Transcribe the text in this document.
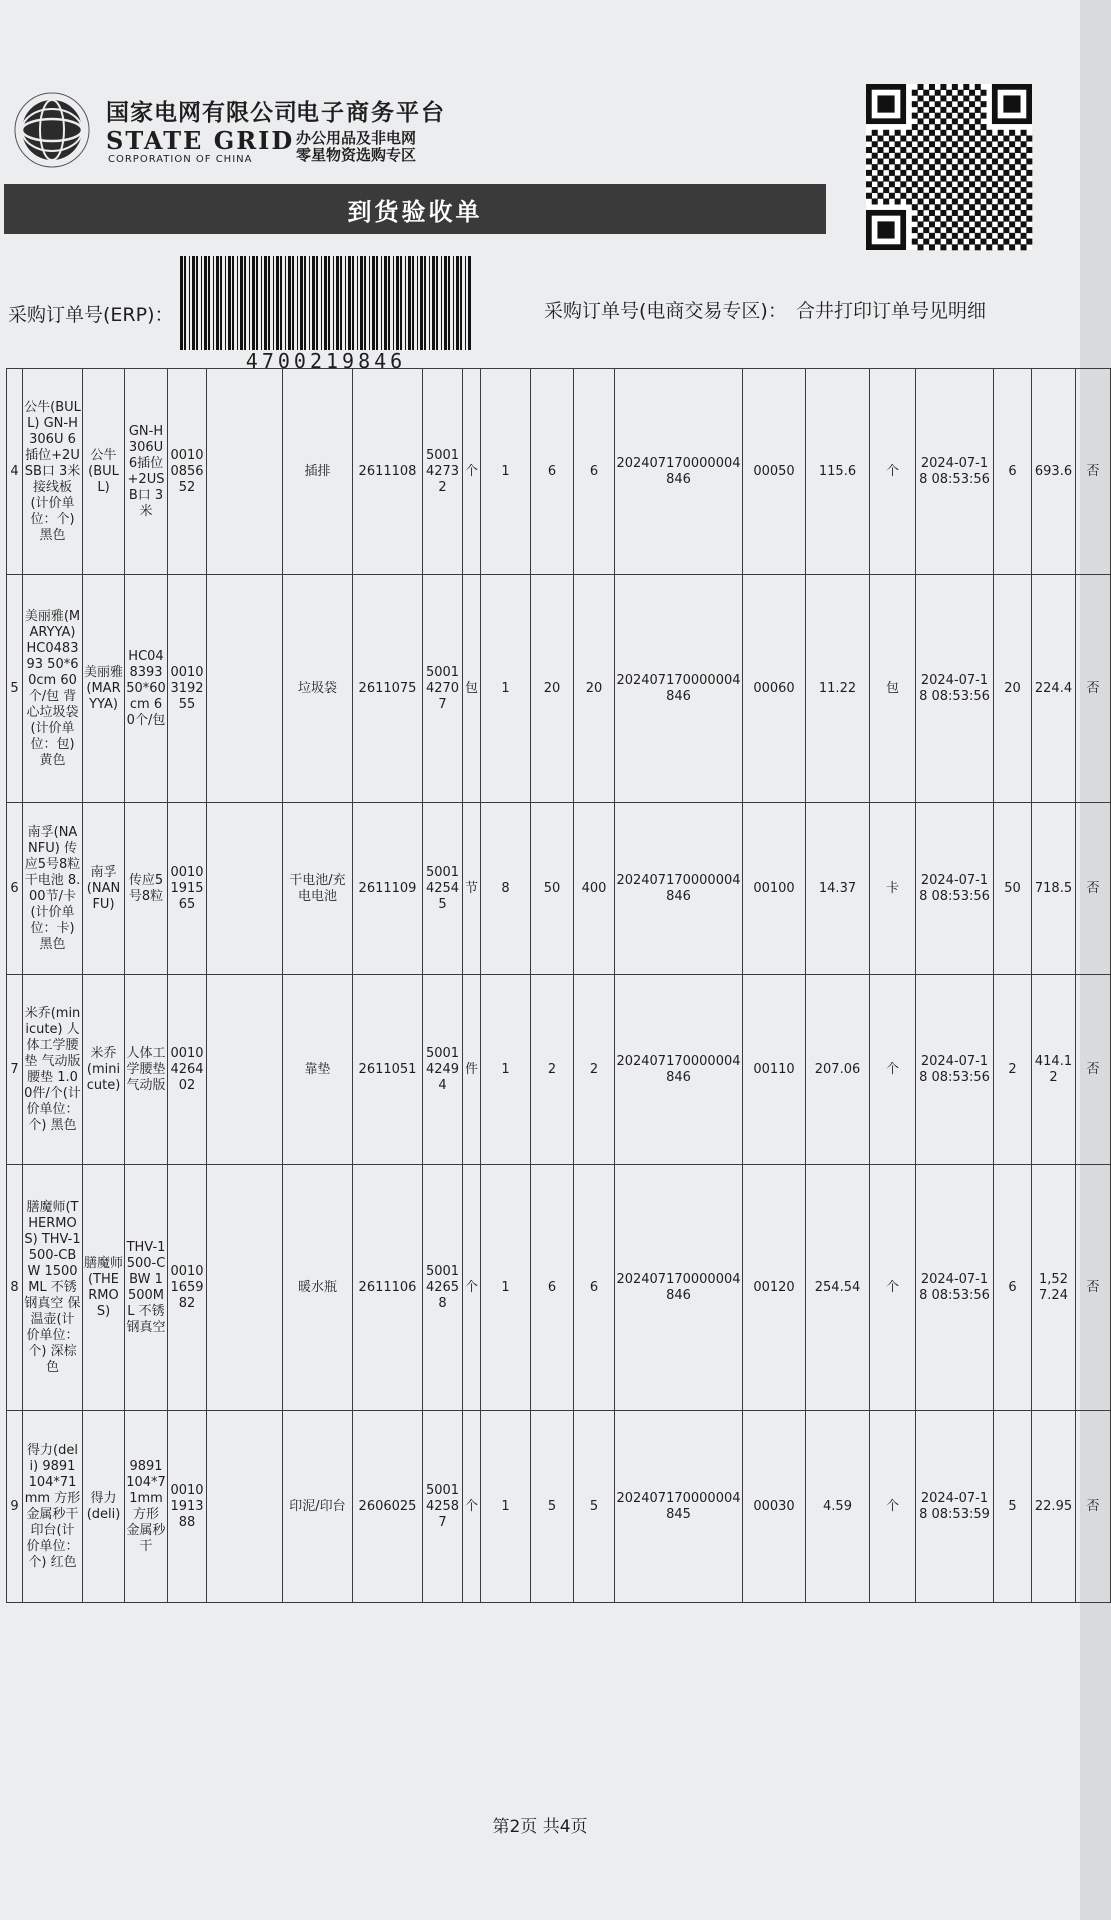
国家电网有限公司
STATE GRID
CORPORATION OF CHINA
电子商务平台
办公用品及非电网
零星物资选购专区
到货验收单
采购订单号(ERP)：
4700219846
采购订单号(电商交易专区)： 合井打印订单号见明细
4	公牛(BULL) GN-H306U 6插位+2USB口 3米接线板(计价单位：个) 黑色	公牛(BULL)	GN-H306U 6插位+2USB口 3米	0010085652		插排	2611108	500142732	个	1	6	6	202407170000004846	00050	115.6	个	2024-07-18 08:53:56	6	693.6	否
5	美丽雅(MARYYA) HC048393 50*60cm 60个/包 背心垃圾袋(计价单位：包) 黄色	美丽雅(MARYYA)	HC048393 50*60cm 60个/包	0010319255		垃圾袋	2611075	500142707	包	1	20	20	202407170000004846	00060	11.22	包	2024-07-18 08:53:56	20	224.4	否
6	南孚(NANFU) 传应5号8粒 干电池 8.00节/卡(计价单位：卡) 黑色	南孚(NANFU)	传应5号8粒	0010191565		干电池/充电电池	2611109	500142545	节	8	50	400	202407170000004846	00100	14.37	卡	2024-07-18 08:53:56	50	718.5	否
7	米乔(minicute) 人体工学腰垫 气动版 腰垫 1.00件/个(计价单位：个) 黑色	米乔(minicute)	人体工学腰垫 气动版	0010426402		靠垫	2611051	500142494	件	1	2	2	202407170000004846	00110	207.06	个	2024-07-18 08:53:56	2	414.12	否
8	膳魔师(THERMOS) THV-1500-CBW 1500ML 不锈钢真空 保温壶(计价单位：个) 深棕色	膳魔师(THERMOS)	THV-1500-CBW 1500ML 不锈钢真空	0010165982		暖水瓶	2611106	500142658	个	1	6	6	202407170000004846	00120	254.54	个	2024-07-18 08:53:56	6	1,527.24	否
9	得力(deli) 9891 104*71mm 方形 金属秒干 印台(计价单位：个) 红色	得力(deli)	9891 104*71mm 方形 金属秒干	0010191388		印泥/印台	2606025	500142587	个	1	5	5	202407170000004845	00030	4.59	个	2024-07-18 08:53:59	5	22.95	否
第2页 共4页
